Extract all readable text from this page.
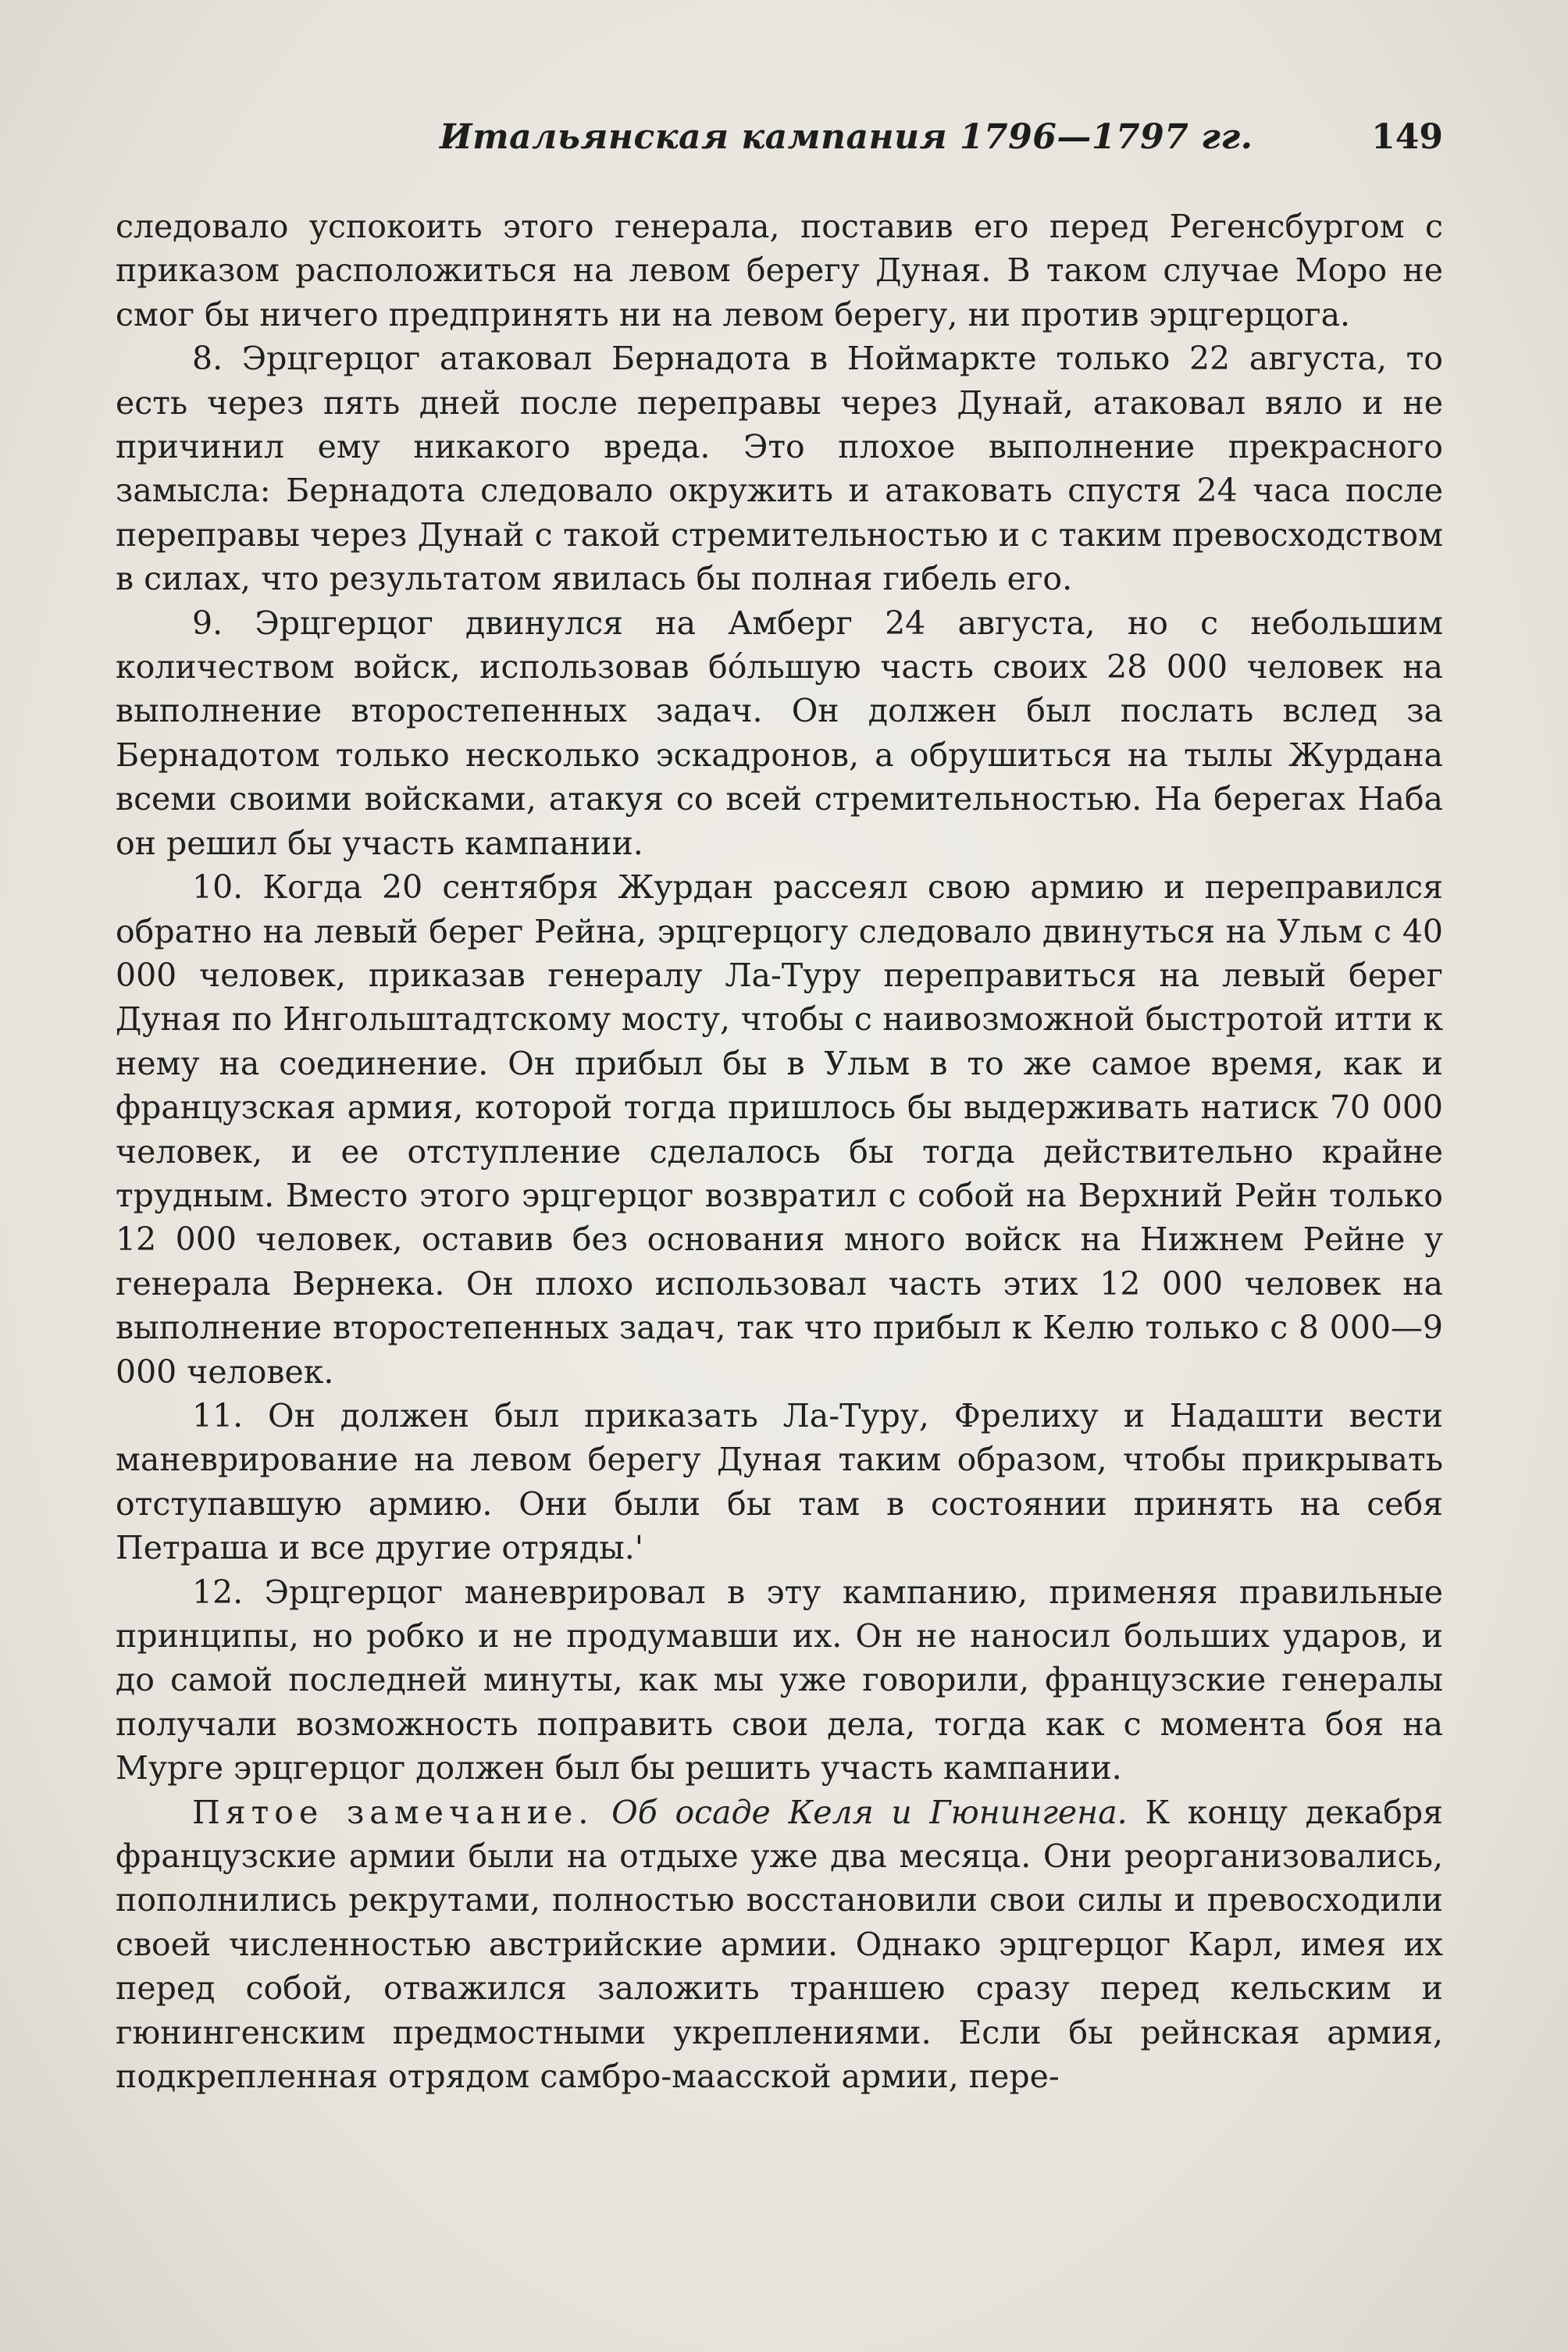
Итальянская кампания 1796—1797 гг.	149

следовало успокоить этого генерала, поставив его перед Регенсбургом с приказом расположиться на левом берегу Дуная. В таком случае Моро не смог бы ничего предпринять ни на левом берегу, ни против эрцгерцога.

8. Эрцгерцог атаковал Бернадота в Ноймаркте только 22 августа, то есть через пять дней после переправы через Дунай, атаковал вяло и не причинил ему никакого вреда. Это плохое выполнение прекрасного замысла: Бернадота следовало окружить и атаковать спустя 24 часа после переправы через Дунай с такой стремительностью и с таким превосходством в силах, что результатом явилась бы полная гибель его.

9. Эрцгерцог двинулся на Амберг 24 августа, но с небольшим количеством войск, использовав бо́льшую часть своих 28 000 человек на выполнение второстепенных задач. Он должен был послать вслед за Бернадотом только несколько эскадронов, а обрушиться на тылы Журдана всеми своими войсками, атакуя со всей стремительностью. На берегах Наба он решил бы участь кампании.

10. Когда 20 сентября Журдан рассеял свою армию и переправился обратно на левый берег Рейна, эрцгерцогу следовало двинуться на Ульм с 40 000 человек, приказав генералу Ла-Туру переправиться на левый берег Дуная по Ингольштадтскому мосту, чтобы с наивозможной быстротой итти к нему на соединение. Он прибыл бы в Ульм в то же самое время, как и французская армия, которой тогда пришлось бы выдерживать натиск 70 000 человек, и ее отступление сделалось бы тогда действительно крайне трудным. Вместо этого эрцгерцог возвратил с собой на Верхний Рейн только 12 000 человек, оставив без основания много войск на Нижнем Рейне у генерала Вернека. Он плохо использовал часть этих 12 000 человек на выполнение второстепенных задач, так что прибыл к Келю только с 8 000—9 000 человек.

11. Он должен был приказать Ла-Туру, Фрелиху и Надашти вести маневрирование на левом берегу Дуная таким образом, чтобы прикрывать отступавшую армию. Они были бы там в состоянии принять на себя Петраша и все другие отряды.'

12. Эрцгерцог маневрировал в эту кампанию, применяя правильные принципы, но робко и не продумавши их. Он не наносил больших ударов, и до самой последней минуты, как мы уже говорили, французские генералы получали возможность поправить свои дела, тогда как с момента боя на Мурге эрцгерцог должен был бы решить участь кампании.

Пятое замечание. Об осаде Келя и Гюнингена. К концу декабря французские армии были на отдыхе уже два месяца. Они реорганизовались, пополнились рекрутами, полностью восстановили свои силы и превосходили своей численностью австрийские армии. Однако эрцгерцог Карл, имея их перед собой, отважился заложить траншею сразу перед кельским и гюнингенским предмостными укреплениями. Если бы рейнская армия, подкрепленная отрядом самбро-маасской армии, пере-
